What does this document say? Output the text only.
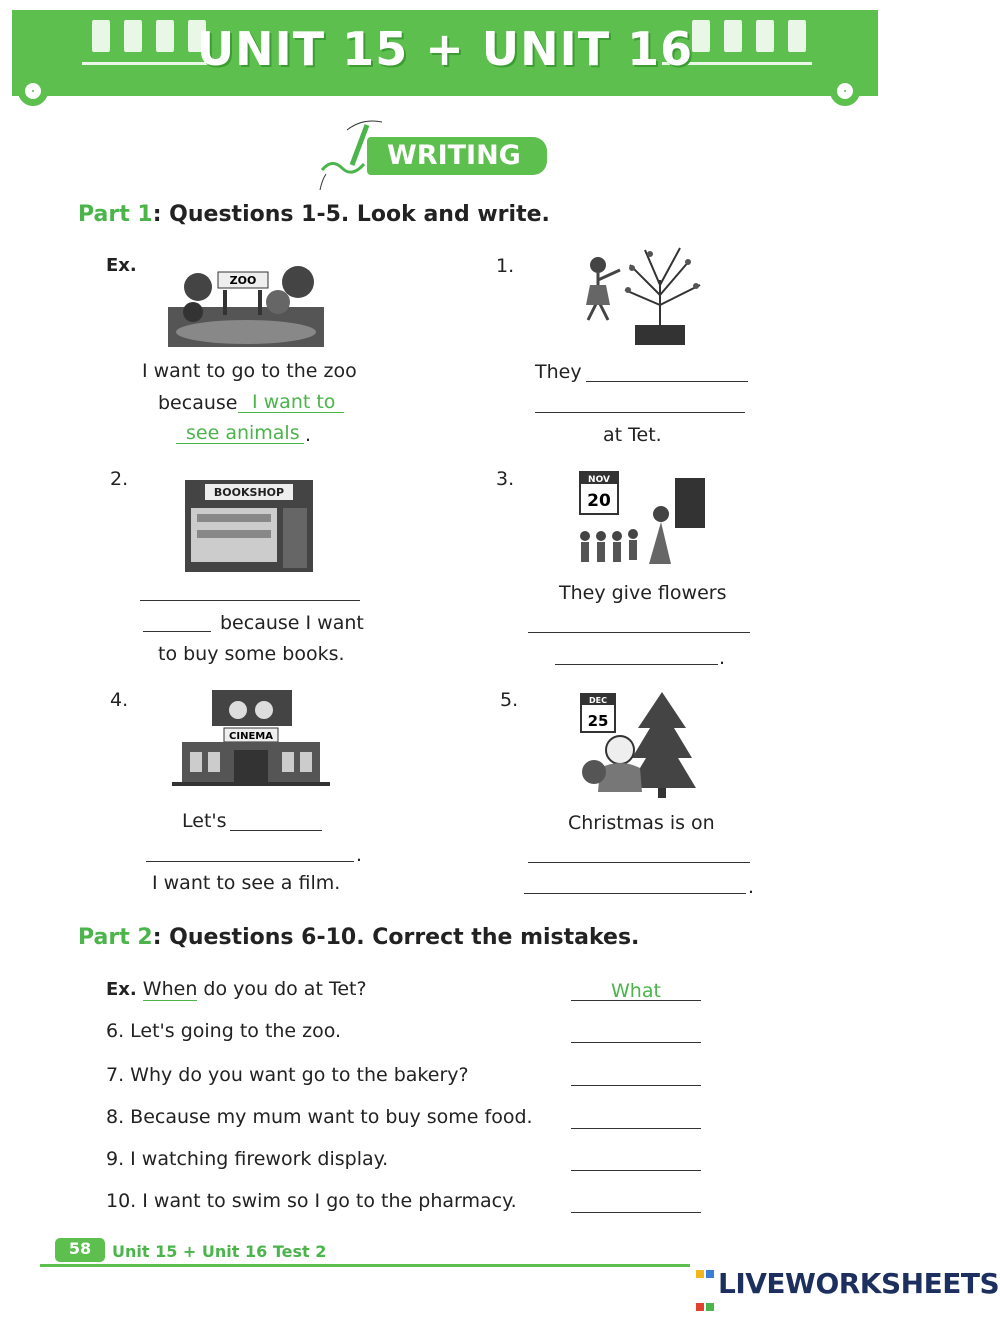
UNIT 15 + UNIT 16
WRITING
Part 1: Questions 1-5. Look and write.
Ex.
ZOO
I want to go to the zoo
because I want to
see animals .
1.
They
at Tet.
2.
BOOKSHOP
because I want
to buy some books.
3.	NOV
20
They give flowers
.
4.
CINEMA
Let's
.
I want to see a film.
5.	DEC
25
Christmas is on
.
Part 2: Questions 6-10. Correct the mistakes.
Ex. When do you do at Tet?	What
6. Let's going to the zoo.
7. Why do you want go to the bakery?
8. Because my mum want to buy some food.
9. I watching firework display.
10. I want to swim so I go to the pharmacy.
58	Unit 15 + Unit 16 Test 2

LIVEWORKSHEETS
